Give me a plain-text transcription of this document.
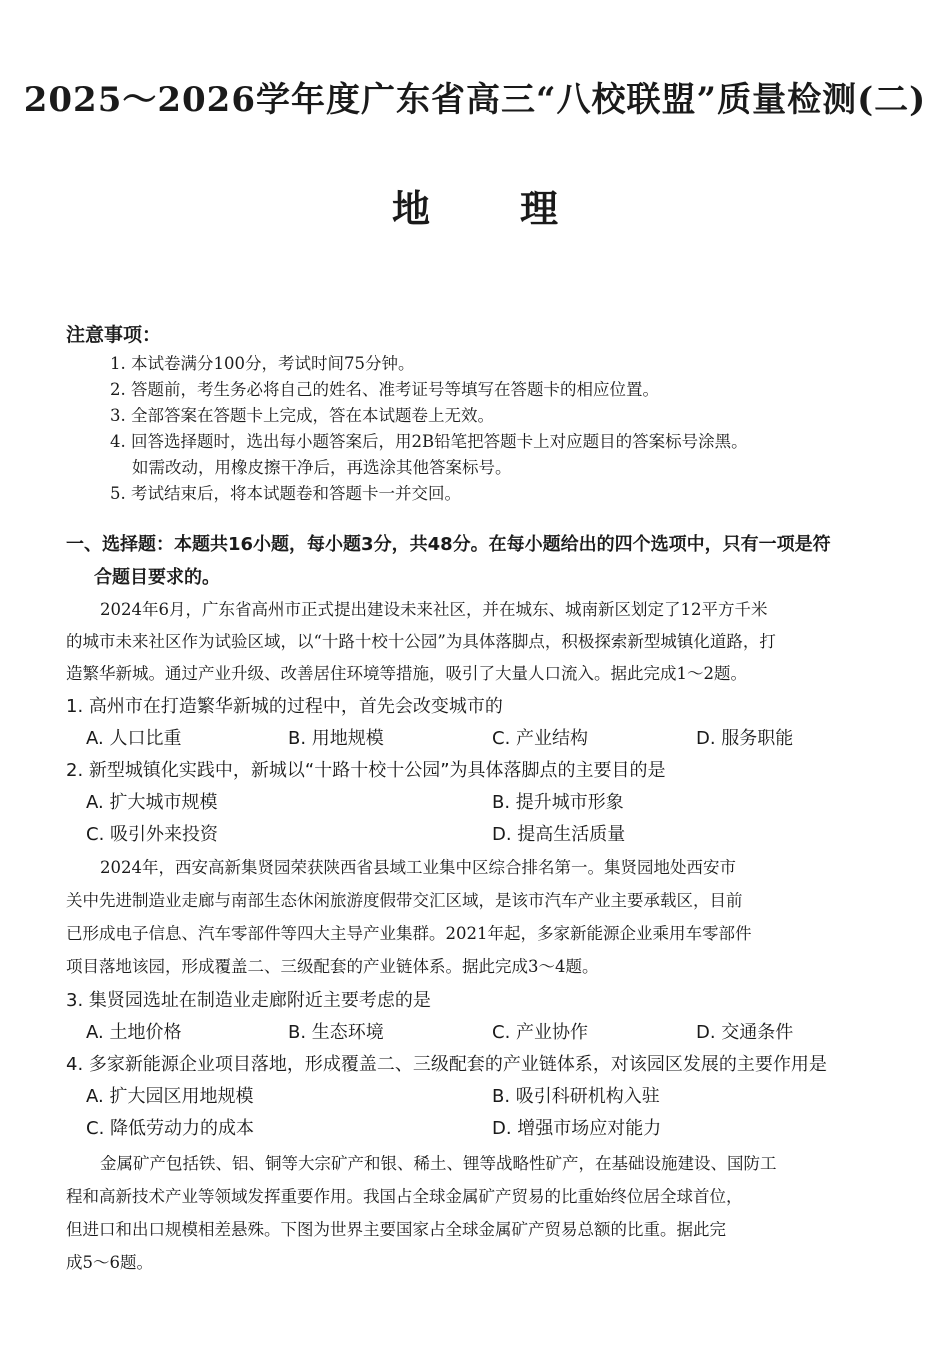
2025～2026学年度广东省高三“八校联盟”质量检测(二)
地理
注意事项：
1. 本试卷满分100分，考试时间75分钟。
2. 答题前，考生务必将自己的姓名、准考证号等填写在答题卡的相应位置。
3. 全部答案在答题卡上完成，答在本试题卷上无效。
4. 回答选择题时，选出每小题答案后，用2B铅笔把答题卡上对应题目的答案标号涂黑。
如需改动，用橡皮擦干净后，再选涂其他答案标号。
5. 考试结束后，将本试题卷和答题卡一并交回。
一、选择题：本题共16小题，每小题3分，共48分。在每小题给出的四个选项中，只有一项是符
合题目要求的。
2024年6月，广东省高州市正式提出建设未来社区，并在城东、城南新区划定了12平方千米
的城市未来社区作为试验区域，以“十路十校十公园”为具体落脚点，积极探索新型城镇化道路，打
造繁华新城。通过产业升级、改善居住环境等措施，吸引了大量人口流入。据此完成1～2题。
1. 高州市在打造繁华新城的过程中，首先会改变城市的
A. 人口比重	B. 用地规模	C. 产业结构	D. 服务职能
2. 新型城镇化实践中，新城以“十路十校十公园”为具体落脚点的主要目的是
A. 扩大城市规模	B. 提升城市形象
C. 吸引外来投资	D. 提高生活质量
2024年，西安高新集贤园荣获陕西省县域工业集中区综合排名第一。集贤园地处西安市
关中先进制造业走廊与南部生态休闲旅游度假带交汇区域，是该市汽车产业主要承载区，目前
已形成电子信息、汽车零部件等四大主导产业集群。2021年起，多家新能源企业乘用车零部件
项目落地该园，形成覆盖二、三级配套的产业链体系。据此完成3～4题。
3. 集贤园选址在制造业走廊附近主要考虑的是
A. 土地价格	B. 生态环境	C. 产业协作	D. 交通条件
4. 多家新能源企业项目落地，形成覆盖二、三级配套的产业链体系，对该园区发展的主要作用是
A. 扩大园区用地规模	B. 吸引科研机构入驻
C. 降低劳动力的成本	D. 增强市场应对能力
金属矿产包括铁、铝、铜等大宗矿产和银、稀土、锂等战略性矿产，在基础设施建设、国防工
程和高新技术产业等领域发挥重要作用。我国占全球金属矿产贸易的比重始终位居全球首位，
但进口和出口规模相差悬殊。下图为世界主要国家占全球金属矿产贸易总额的比重。据此完
成5～6题。
